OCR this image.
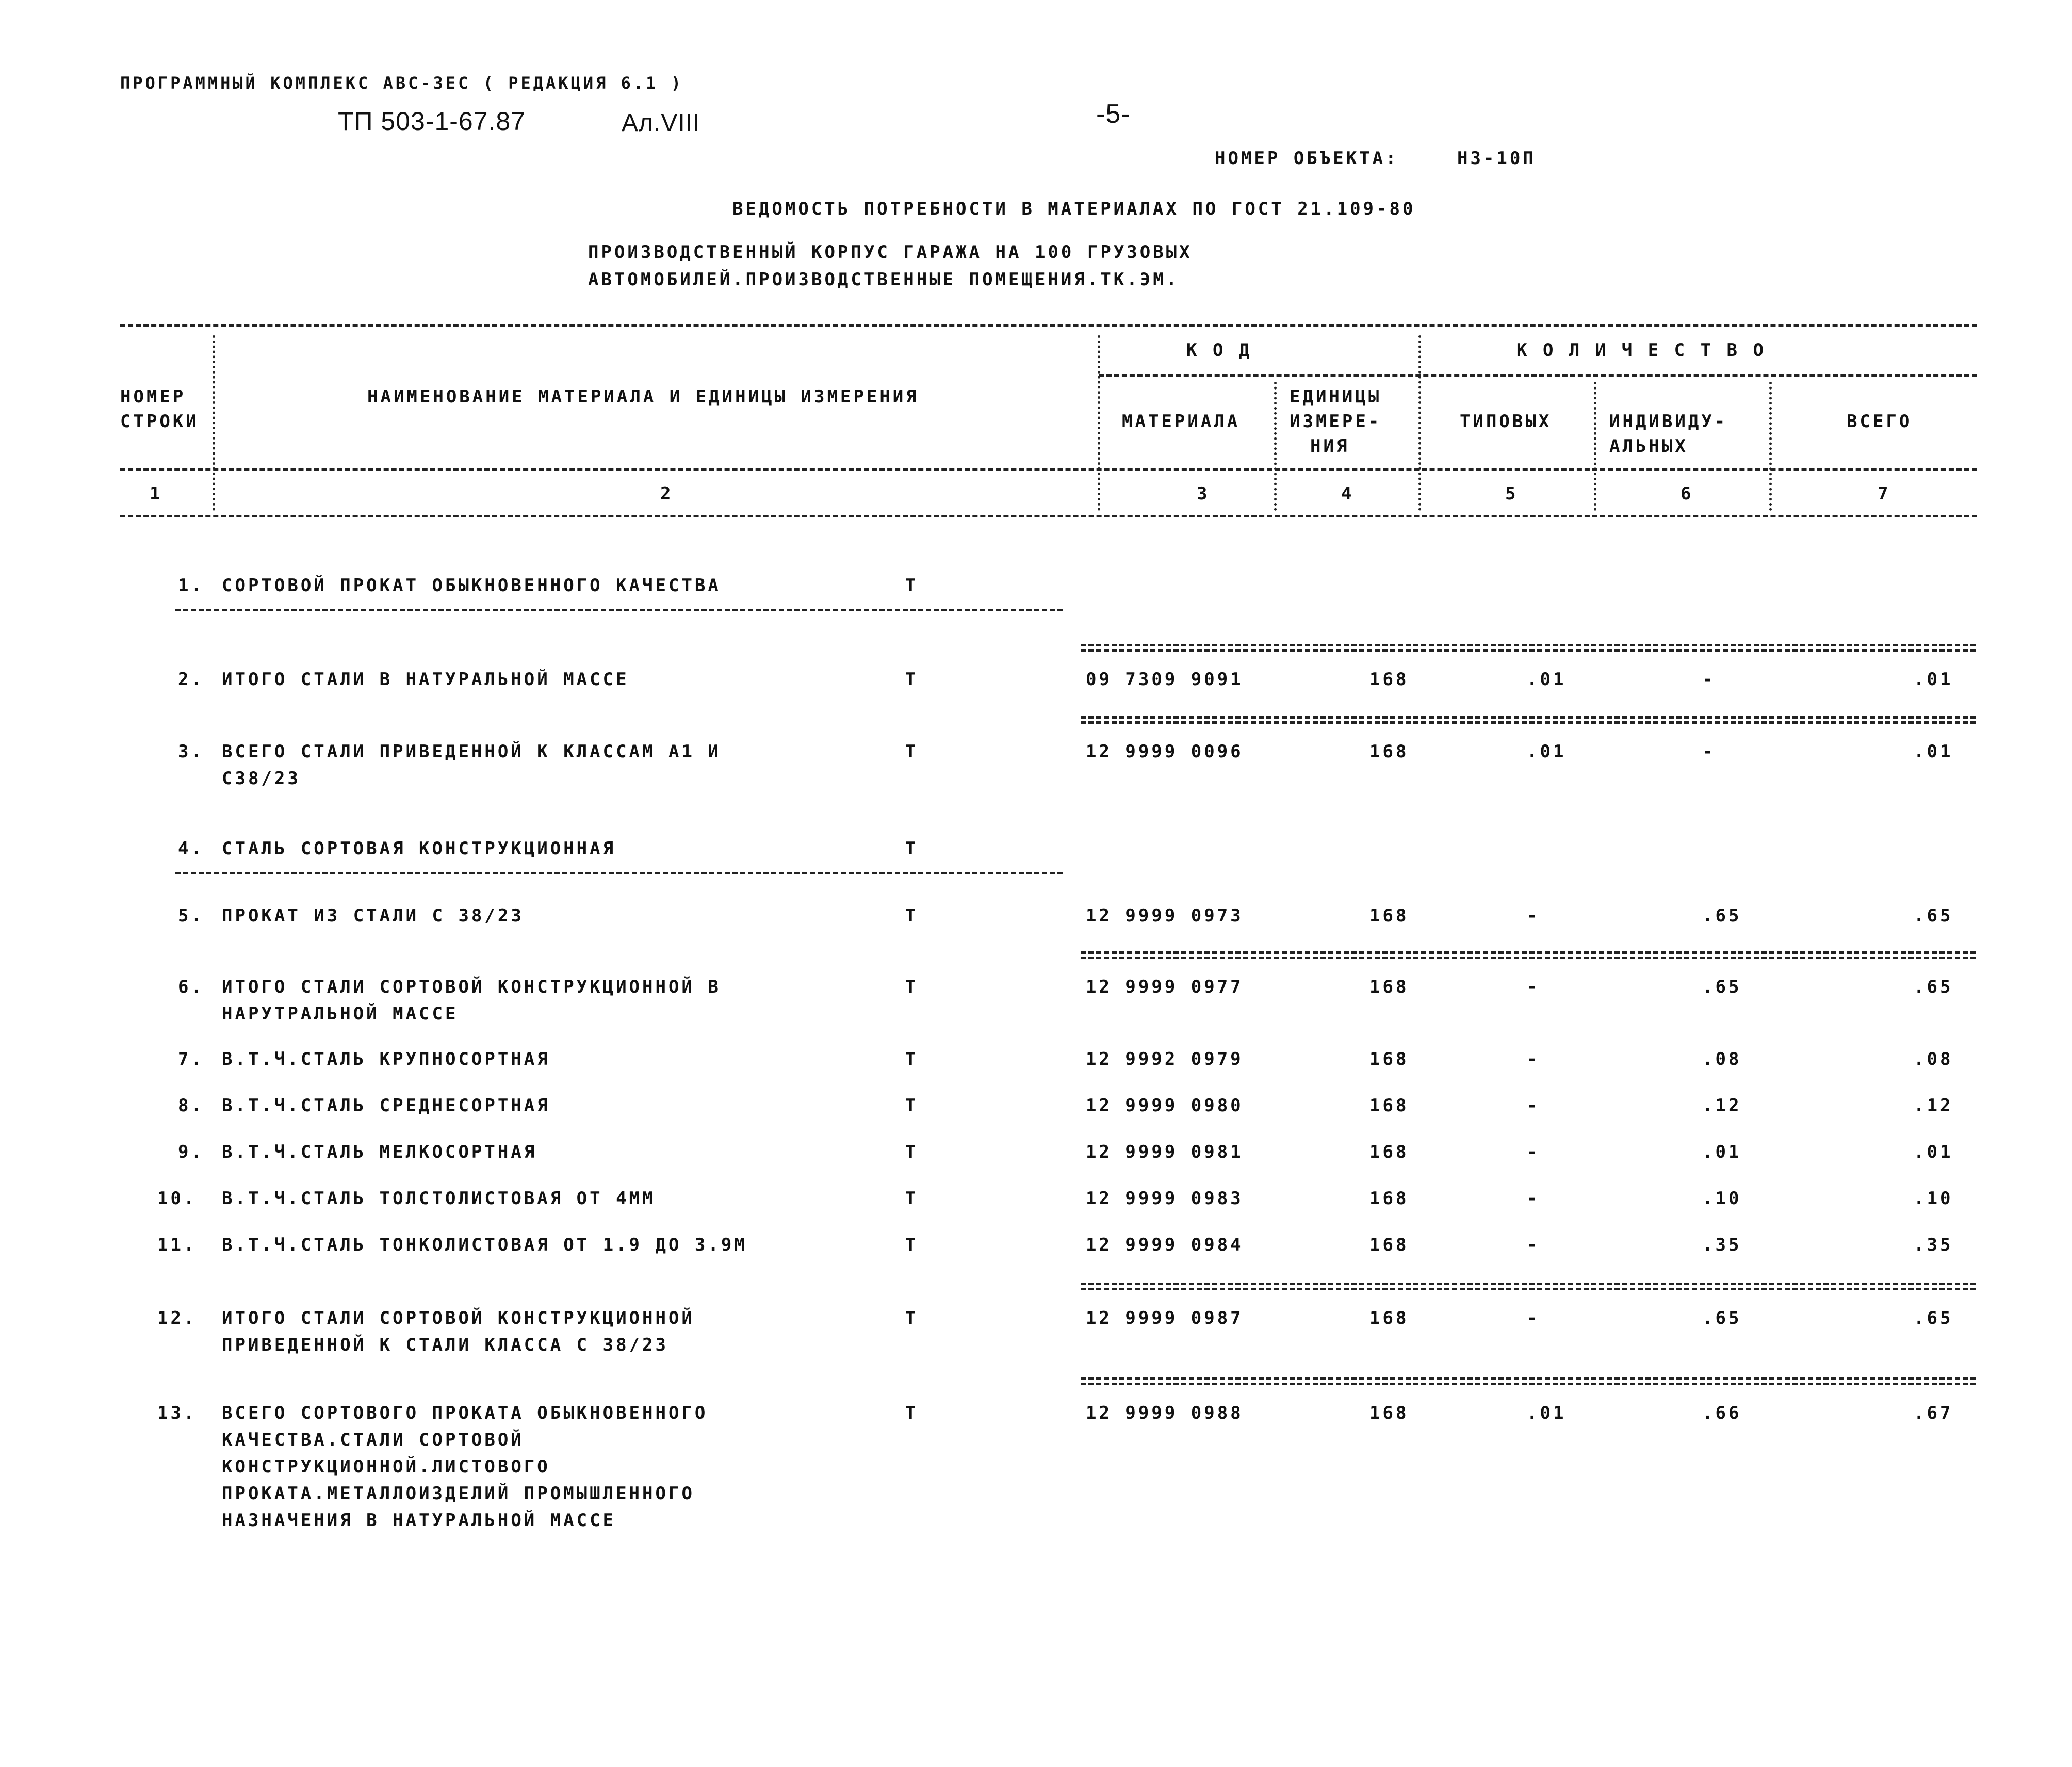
ПРОГРАММНЫЙ КОМПЛЕКС АВС-ЗЕС ( РЕДАКЦИЯ 6.1 )
ТП 503-1-67.87	Ал.VIII	-5-
НОМЕР ОБЪЕКТА:	НЗ-10П
ВЕДОМОСТЬ ПОТРЕБНОСТИ В МАТЕРИАЛАХ ПО ГОСТ 21.109-80
ПРОИЗВОДСТВЕННЫЙ КОРПУС ГАРАЖА НА 100 ГРУЗОВЫХ
АВТОМОБИЛЕЙ.ПРОИЗВОДСТВЕННЫЕ ПОМЕЩЕНИЯ.ТК.ЭМ.
НОМЕР
СТРОКИ
НАИМЕНОВАНИЕ МАТЕРИАЛА И ЕДИНИЦЫ ИЗМЕРЕНИЯ
К О Д
МАТЕРИАЛА
ЕДИНИЦЫ
ИЗМЕРЕ-
НИЯ
К О Л И Ч Е С Т В О
ТИПОВЫХ	ИНДИВИДУ-
АЛЬНЫХ
ВСЕГО
1	2	3	4	5	6	7
1. СОРТОВОЙ ПРОКАТ ОБЫКНОВЕННОГО КАЧЕСТВА	Т
2. ИТОГО СТАЛИ В НАТУРАЛЬНОЙ МАССЕ	Т	09 7309 9091	168	.01	-	.01
3. ВСЕГО СТАЛИ ПРИВЕДЕННОЙ К КЛАССАМ А1 И
С38/23
Т	12 9999 0096	168	.01	-	.01
4. СТАЛЬ СОРТОВАЯ КОНСТРУКЦИОННАЯ	Т
5. ПРОКАТ ИЗ СТАЛИ С 38/23	Т	12 9999 0973	168	-	.65	.65
6. ИТОГО СТАЛИ СОРТОВОЙ КОНСТРУКЦИОННОЙ В
НАРУТРАЛЬНОЙ МАССЕ
Т	12 9999 0977	168	-	.65	.65
7. В.Т.Ч.СТАЛЬ КРУПНОСОРТНАЯ	Т	12 9992 0979	168	-	.08	.08
8. В.Т.Ч.СТАЛЬ СРЕДНЕСОРТНАЯ	Т	12 9999 0980	168	-	.12	.12
9. В.Т.Ч.СТАЛЬ МЕЛКОСОРТНАЯ	Т	12 9999 0981	168	-	.01	.01
10. В.Т.Ч.СТАЛЬ ТОЛСТОЛИСТОВАЯ ОТ 4ММ	Т	12 9999 0983	168	-	.10	.10
11. В.Т.Ч.СТАЛЬ ТОНКОЛИСТОВАЯ ОТ 1.9 ДО 3.9М	Т	12 9999 0984	168	-	.35	.35
12. ИТОГО СТАЛИ СОРТОВОЙ КОНСТРУКЦИОННОЙ
ПРИВЕДЕННОЙ К СТАЛИ КЛАССА С 38/23
Т	12 9999 0987	168	-	.65	.65
13. ВСЕГО СОРТОВОГО ПРОКАТА ОБЫКНОВЕННОГО
КАЧЕСТВА.СТАЛИ СОРТОВОЙ
КОНСТРУКЦИОННОЙ.ЛИСТОВОГО
ПРОКАТА.МЕТАЛЛОИЗДЕЛИЙ ПРОМЫШЛЕННОГО
НАЗНАЧЕНИЯ В НАТУРАЛЬНОЙ МАССЕ
Т	12 9999 0988	168	.01	.66	.67
